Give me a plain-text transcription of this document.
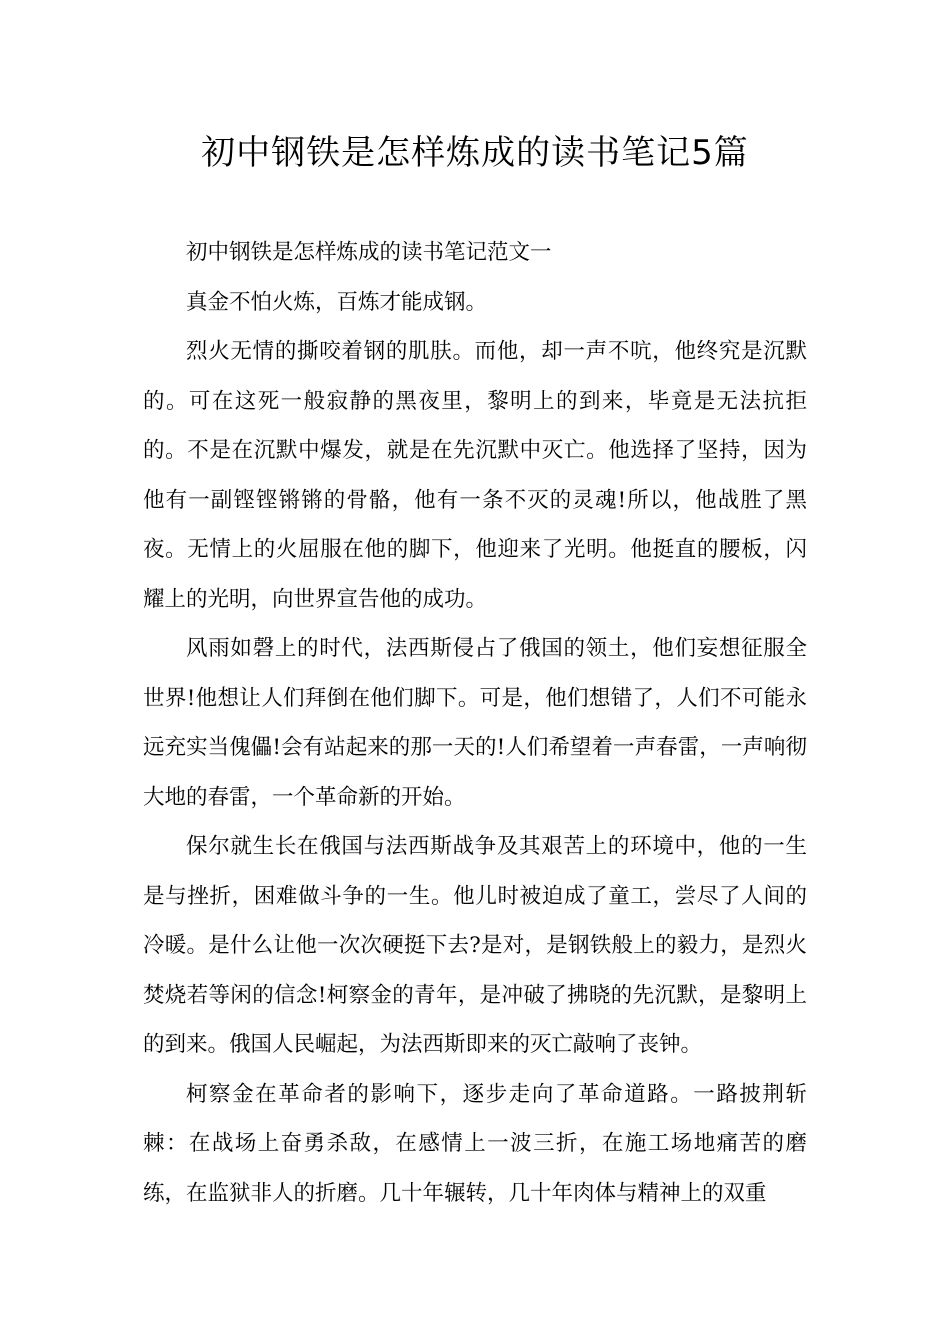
初中钢铁是怎样炼成的读书笔记5篇

初中钢铁是怎样炼成的读书笔记范文一

真金不怕火炼，百炼才能成钢。

烈火无情的撕咬着钢的肌肤。而他，却一声不吭，他终究是沉默的。可在这死一般寂静的黑夜里，黎明上的到来，毕竟是无法抗拒的。不是在沉默中爆发，就是在先沉默中灭亡。他选择了坚持，因为他有一副铿铿锵锵的骨骼，他有一条不灭的灵魂!所以，他战胜了黑夜。无情上的火屈服在他的脚下，他迎来了光明。他挺直的腰板，闪耀上的光明，向世界宣告他的成功。

风雨如磬上的时代，法西斯侵占了俄国的领土，他们妄想征服全世界!他想让人们拜倒在他们脚下。可是，他们想错了，人们不可能永远充实当傀儡!会有站起来的那一天的!人们希望着一声春雷，一声响彻大地的春雷，一个革命新的开始。

保尔就生长在俄国与法西斯战争及其艰苦上的环境中，他的一生是与挫折，困难做斗争的一生。他儿时被迫成了童工，尝尽了人间的冷暖。是什么让他一次次硬挺下去?是对，是钢铁般上的毅力，是烈火焚烧若等闲的信念!柯察金的青年，是冲破了拂晓的先沉默，是黎明上的到来。俄国人民崛起，为法西斯即来的灭亡敲响了丧钟。

柯察金在革命者的影响下，逐步走向了革命道路。一路披荆斩棘：在战场上奋勇杀敌，在感情上一波三折，在施工场地痛苦的磨练，在监狱非人的折磨。几十年辗转，几十年肉体与精神上的双重
